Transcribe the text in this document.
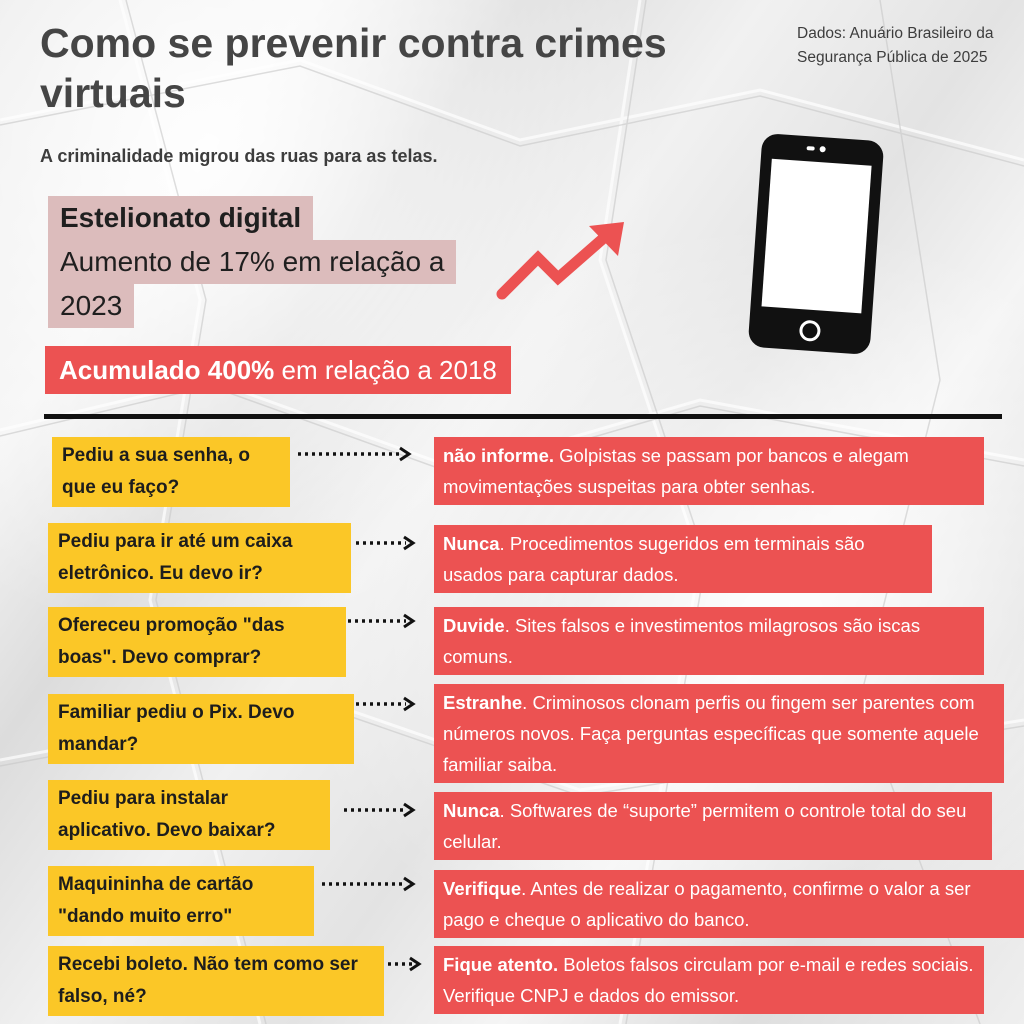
Como se prevenir contra crimes virtuais
Dados: Anuário Brasileiro da Segurança Pública de 2025
A criminalidade migrou das ruas para as telas.
Estelionato digital
Aumento de 17% em relação a
2023
Acumulado 400% em relação a 2018
Pediu a sua senha, o que eu faço?
não informe. Golpistas se passam por bancos e alegam movimentações suspeitas para obter senhas.
Pediu para ir até um caixa eletrônico. Eu devo ir?
Nunca. Procedimentos sugeridos em terminais são usados para capturar dados.
Ofereceu promoção "das boas". Devo comprar?
Duvide. Sites falsos e investimentos milagrosos são iscas comuns.
Familiar pediu o Pix. Devo mandar?
Estranhe. Criminosos clonam perfis ou fingem ser parentes com números novos. Faça perguntas específicas que somente aquele familiar saiba.
Pediu para instalar aplicativo. Devo baixar?
Nunca. Softwares de “suporte” permitem o controle total do seu celular.
Maquininha de cartão "dando muito erro"
Verifique. Antes de realizar o pagamento, confirme o valor a ser pago e cheque o aplicativo do banco.
Recebi boleto. Não tem como ser falso, né?
Fique atento. Boletos falsos circulam por e-mail e redes sociais. Verifique CNPJ e dados do emissor.
